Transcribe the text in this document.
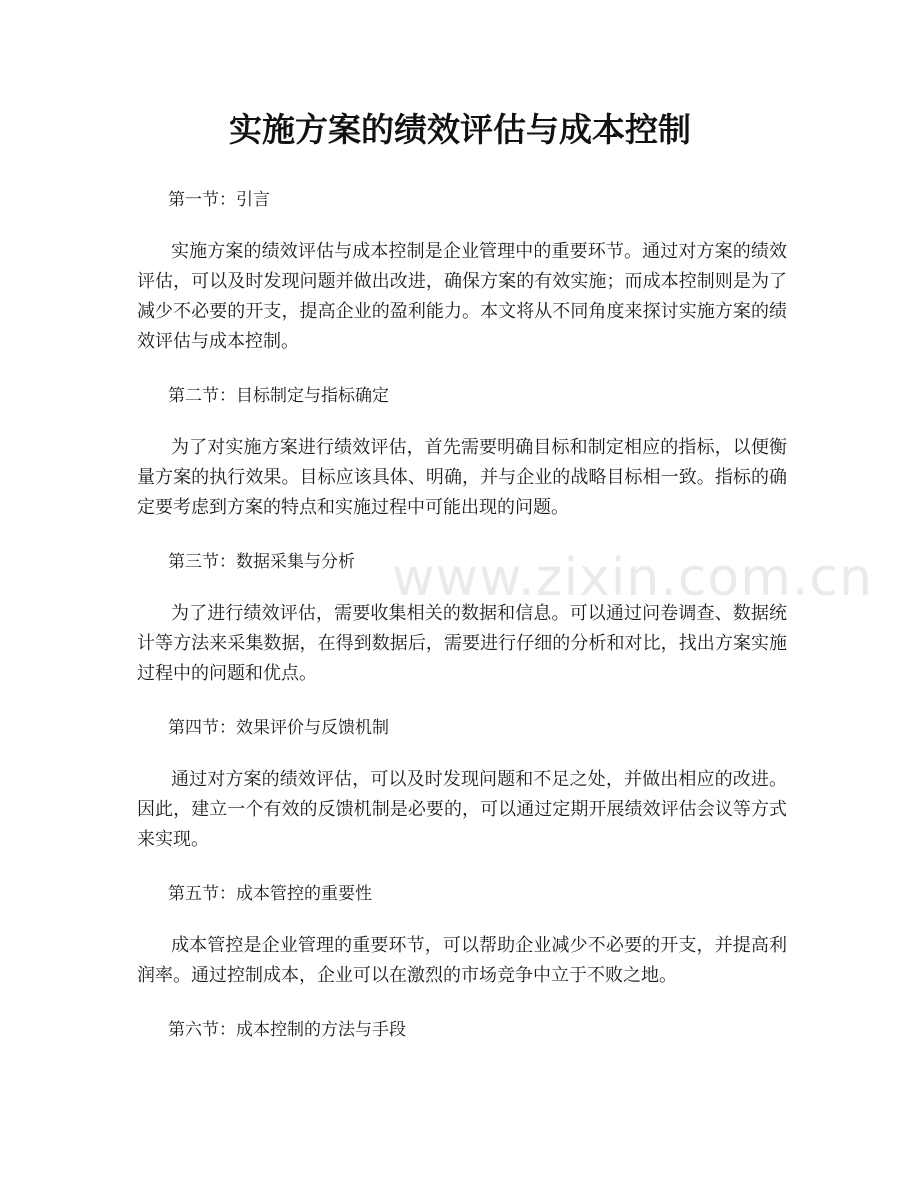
实施方案的绩效评估与成本控制

第一节：引言

实施方案的绩效评估与成本控制是企业管理中的重要环节。通过对方案的绩效评估，可以及时发现问题并做出改进，确保方案的有效实施；而成本控制则是为了减少不必要的开支，提高企业的盈利能力。本文将从不同角度来探讨实施方案的绩效评估与成本控制。

第二节：目标制定与指标确定

为了对实施方案进行绩效评估，首先需要明确目标和制定相应的指标，以便衡量方案的执行效果。目标应该具体、明确，并与企业的战略目标相一致。指标的确定要考虑到方案的特点和实施过程中可能出现的问题。

第三节：数据采集与分析

为了进行绩效评估，需要收集相关的数据和信息。可以通过问卷调查、数据统计等方法来采集数据，在得到数据后，需要进行仔细的分析和对比，找出方案实施过程中的问题和优点。

第四节：效果评价与反馈机制

通过对方案的绩效评估，可以及时发现问题和不足之处，并做出相应的改进。因此，建立一个有效的反馈机制是必要的，可以通过定期开展绩效评估会议等方式来实现。

第五节：成本管控的重要性

成本管控是企业管理的重要环节，可以帮助企业减少不必要的开支，并提高利润率。通过控制成本，企业可以在激烈的市场竞争中立于不败之地。

第六节：成本控制的方法与手段

www.zixin.com.cn
